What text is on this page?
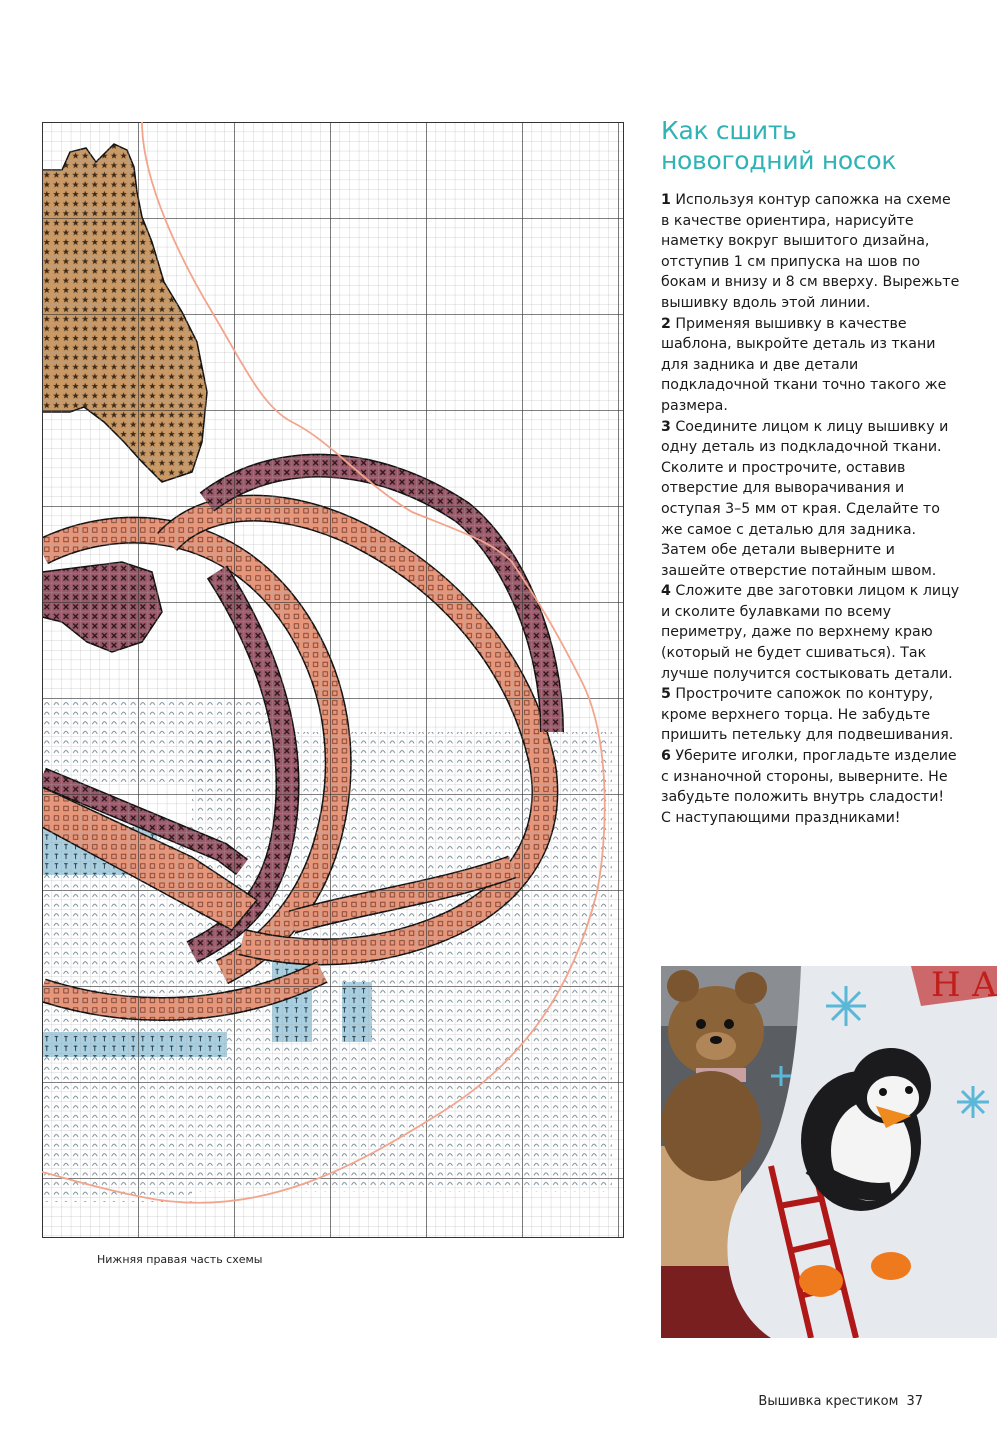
Нижняя правая часть схемы
Как сшить
новогодний носок

1 Используя контур сапожка на схеме в качестве ориентира, нарисуйте наметку вокруг вышитого дизайна, отступив 1 см припуска на шов по бокам и внизу и 8 см вверху. Вырежьте вышивку вдоль этой линии.

2 Применяя вышивку в качестве шаблона, выкройте деталь из ткани для задника и две детали подкладочной ткани точно такого же размера.

3 Соедините лицом к лицу вышивку и одну деталь из подкладочной ткани. Сколите и прострочите, оставив отверстие для выворачивания и оступая 3–5 мм от края. Сделайте то же самое с деталью для задника. Затем обе детали выверните и зашейте отверстие потайным швом.

4 Сложите две заготовки лицом к лицу и сколите булавками по всему периметру, даже по верхнему краю (который не будет сшиваться). Так лучше получится состыковать детали.

5 Прострочите сапожок по контуру, кроме верхнего торца. Не забудьте пришить петельку для подвешивания.

6 Уберите иголки, прогладьте изделие с изнаночной стороны, выверните. Не забудьте положить внутрь сладости!

С наступающими праздниками!

Н А
Вышивка крестиком 37
